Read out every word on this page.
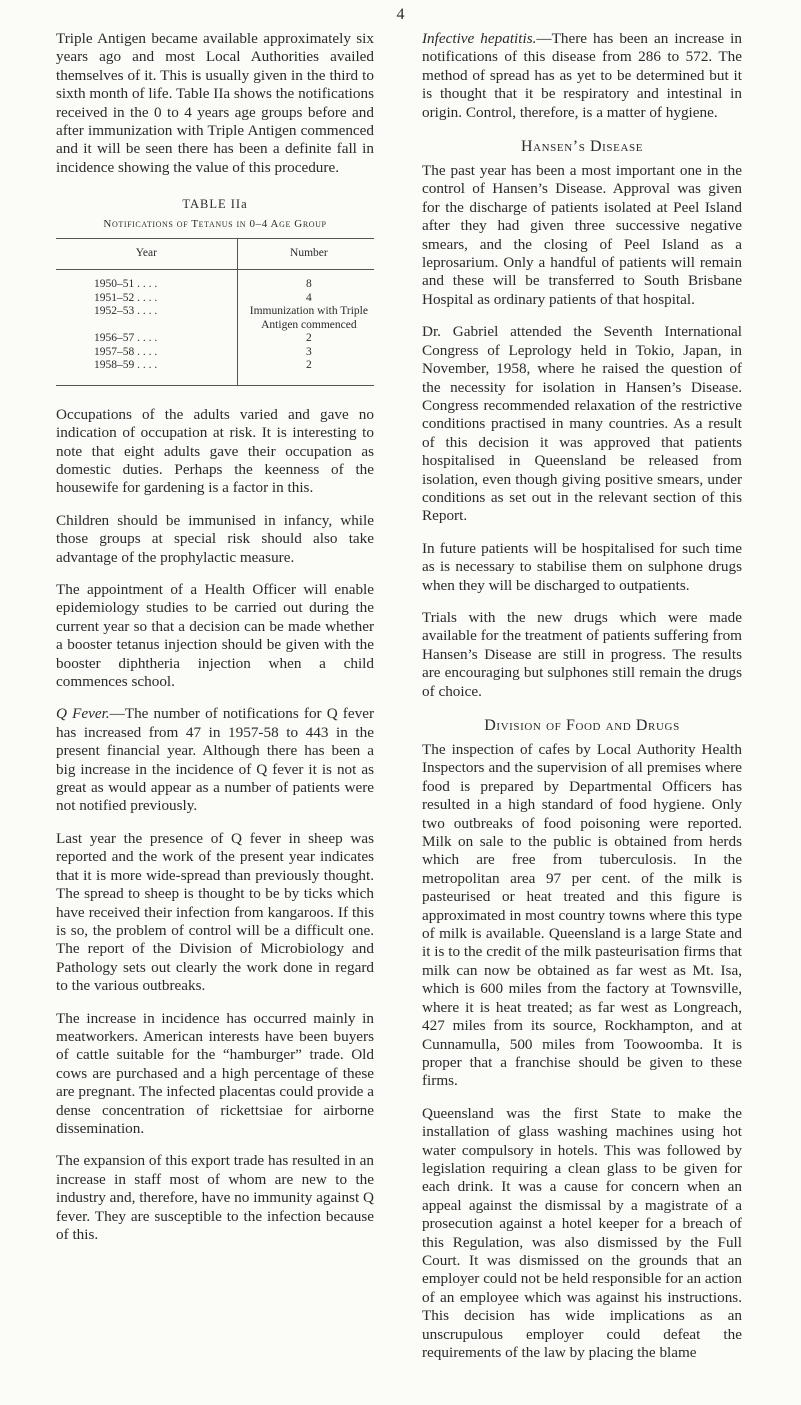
4

Triple Antigen became available approximately six years ago and most Local Authorities availed themselves of it. This is usually given in the third to sixth month of life. Table IIa shows the notifications received in the 0 to 4 years age groups before and after immunization with Triple Antigen commenced and it will be seen there has been a definite fall in incidence showing the value of this procedure.

TABLE IIa
Notifications of Tetanus in 0–4 Age Group
Year	Number
1950–51 . . . .	8
1951–52 . . . .	4
1952–53 . . . .	Immunization with Triple Antigen commenced
1956–57 . . . .	2
1957–58 . . . .	3
1958–59 . . . .	2

Occupations of the adults varied and gave no indication of occupation at risk. It is interesting to note that eight adults gave their occupation as domestic duties. Perhaps the keenness of the housewife for gardening is a factor in this.

Children should be immunised in infancy, while those groups at special risk should also take advantage of the prophylactic measure.

The appointment of a Health Officer will enable epidemiology studies to be carried out during the current year so that a decision can be made whether a booster tetanus injection should be given with the booster diphtheria injection when a child commences school.

Q Fever.—The number of notifications for Q fever has increased from 47 in 1957-58 to 443 in the present financial year. Although there has been a big increase in the incidence of Q fever it is not as great as would appear as a number of patients were not notified previously.

Last year the presence of Q fever in sheep was reported and the work of the present year indicates that it is more wide-spread than previously thought. The spread to sheep is thought to be by ticks which have received their infection from kangaroos. If this is so, the problem of control will be a difficult one. The report of the Division of Microbiology and Pathology sets out clearly the work done in regard to the various outbreaks.

The increase in incidence has occurred mainly in meatworkers. American interests have been buyers of cattle suitable for the “hamburger” trade. Old cows are purchased and a high percentage of these are pregnant. The infected placentas could provide a dense concentration of rickettsiae for airborne dissemination.

The expansion of this export trade has resulted in an increase in staff most of whom are new to the industry and, therefore, have no immunity against Q fever. They are susceptible to the infection because of this.

Infective hepatitis.—There has been an increase in notifications of this disease from 286 to 572. The method of spread has as yet to be determined but it is thought that it be respiratory and intestinal in origin. Control, therefore, is a matter of hygiene.

Hansen’s Disease

The past year has been a most important one in the control of Hansen’s Disease. Approval was given for the discharge of patients isolated at Peel Island after they had given three successive negative smears, and the closing of Peel Island as a leprosarium. Only a handful of patients will remain and these will be transferred to South Brisbane Hospital as ordinary patients of that hospital.

Dr. Gabriel attended the Seventh International Congress of Leprology held in Tokio, Japan, in November, 1958, where he raised the question of the necessity for isolation in Hansen’s Disease. Congress recommended relaxation of the restrictive conditions practised in many countries. As a result of this decision it was approved that patients hospitalised in Queensland be released from isolation, even though giving positive smears, under conditions as set out in the relevant section of this Report.

In future patients will be hospitalised for such time as is necessary to stabilise them on sulphone drugs when they will be discharged to outpatients.

Trials with the new drugs which were made available for the treatment of patients suffering from Hansen’s Disease are still in progress. The results are encouraging but sulphones still remain the drugs of choice.

Division of Food and Drugs

The inspection of cafes by Local Authority Health Inspectors and the supervision of all premises where food is prepared by Departmental Officers has resulted in a high standard of food hygiene. Only two outbreaks of food poisoning were reported. Milk on sale to the public is obtained from herds which are free from tuberculosis. In the metropolitan area 97 per cent. of the milk is pasteurised or heat treated and this figure is approximated in most country towns where this type of milk is available. Queensland is a large State and it is to the credit of the milk pasteurisation firms that milk can now be obtained as far west as Mt. Isa, which is 600 miles from the factory at Townsville, where it is heat treated; as far west as Longreach, 427 miles from its source, Rockhampton, and at Cunnamulla, 500 miles from Toowoomba. It is proper that a franchise should be given to these firms.

Queensland was the first State to make the installation of glass washing machines using hot water compulsory in hotels. This was followed by legislation requiring a clean glass to be given for each drink. It was a cause for concern when an appeal against the dismissal by a magistrate of a prosecution against a hotel keeper for a breach of this Regulation, was also dismissed by the Full Court. It was dismissed on the grounds that an employer could not be held responsible for an action of an employee which was against his instructions. This decision has wide implications as an unscrupulous employer could defeat the requirements of the law by placing the blame
